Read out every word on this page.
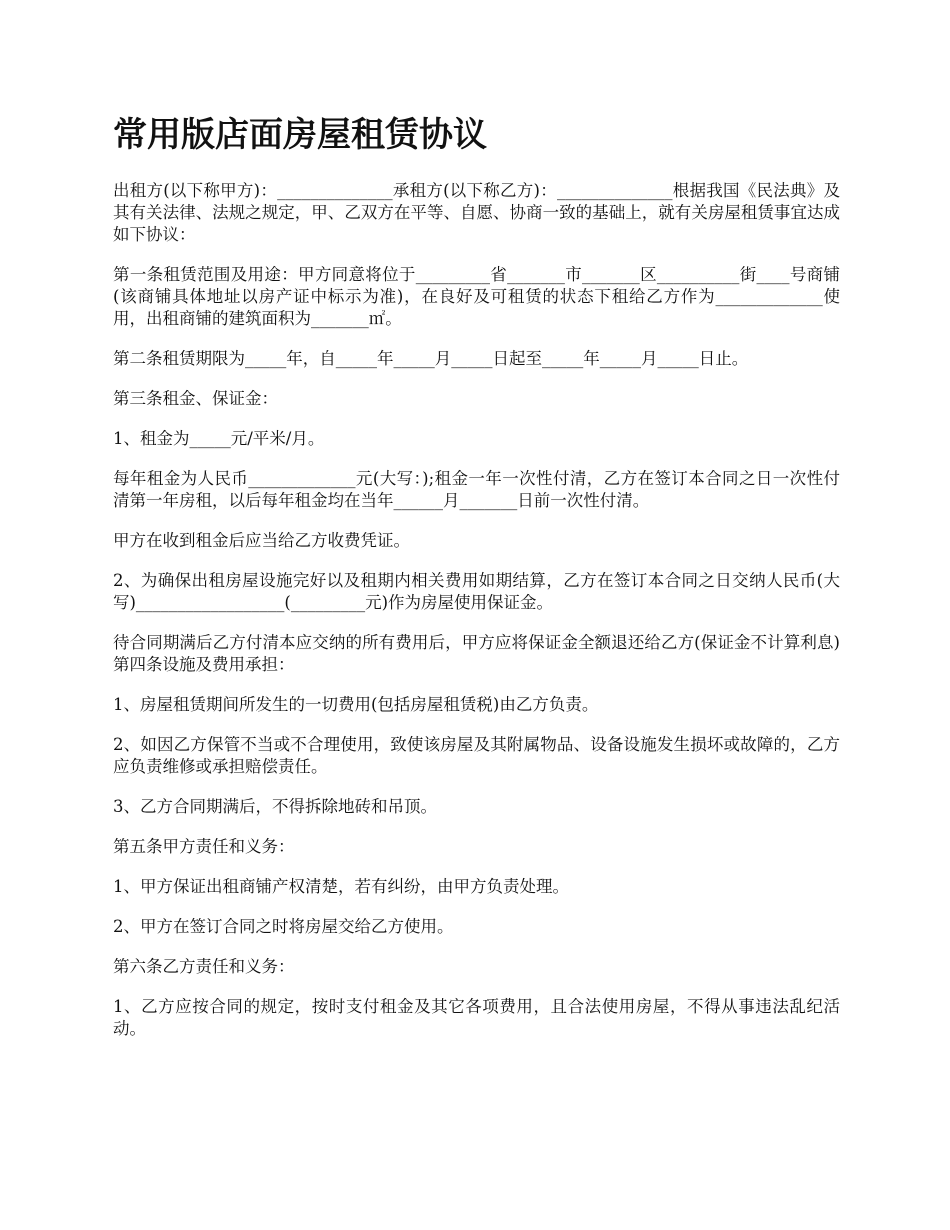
常用版店面房屋租赁协议

出租方(以下称甲方)：______________承租方(以下称乙方)：______________根据我国《民法典》及其有关法律、法规之规定，甲、乙双方在平等、自愿、协商一致的基础上，就有关房屋租赁事宜达成如下协议：

第一条租赁范围及用途：甲方同意将位于_________省_______市_______区__________街____号商铺(该商铺具体地址以房产证中标示为准)，在良好及可租赁的状态下租给乙方作为_____________使用，出租商铺的建筑面积为_______㎡。

第二条租赁期限为_____年，自_____年_____月_____日起至_____年_____月_____日止。

第三条租金、保证金：

1、租金为_____元/平米/月。

每年租金为人民币_____________元(大写：);租金一年一次性付清，乙方在签订本合同之日一次性付清第一年房租，以后每年租金均在当年______月_______日前一次性付清。

甲方在收到租金后应当给乙方收费凭证。

2、为确保出租房屋设施完好以及租期内相关费用如期结算，乙方在签订本合同之日交纳人民币(大写)__________________(_________元)作为房屋使用保证金。

待合同期满后乙方付清本应交纳的所有费用后，甲方应将保证金全额退还给乙方(保证金不计算利息)第四条设施及费用承担：

1、房屋租赁期间所发生的一切费用(包括房屋租赁税)由乙方负责。

2、如因乙方保管不当或不合理使用，致使该房屋及其附属物品、设备设施发生损坏或故障的，乙方应负责维修或承担赔偿责任。

3、乙方合同期满后，不得拆除地砖和吊顶。

第五条甲方责任和义务：

1、甲方保证出租商铺产权清楚，若有纠纷，由甲方负责处理。

2、甲方在签订合同之时将房屋交给乙方使用。

第六条乙方责任和义务：

1、乙方应按合同的规定，按时支付租金及其它各项费用，且合法使用房屋，不得从事违法乱纪活动。
